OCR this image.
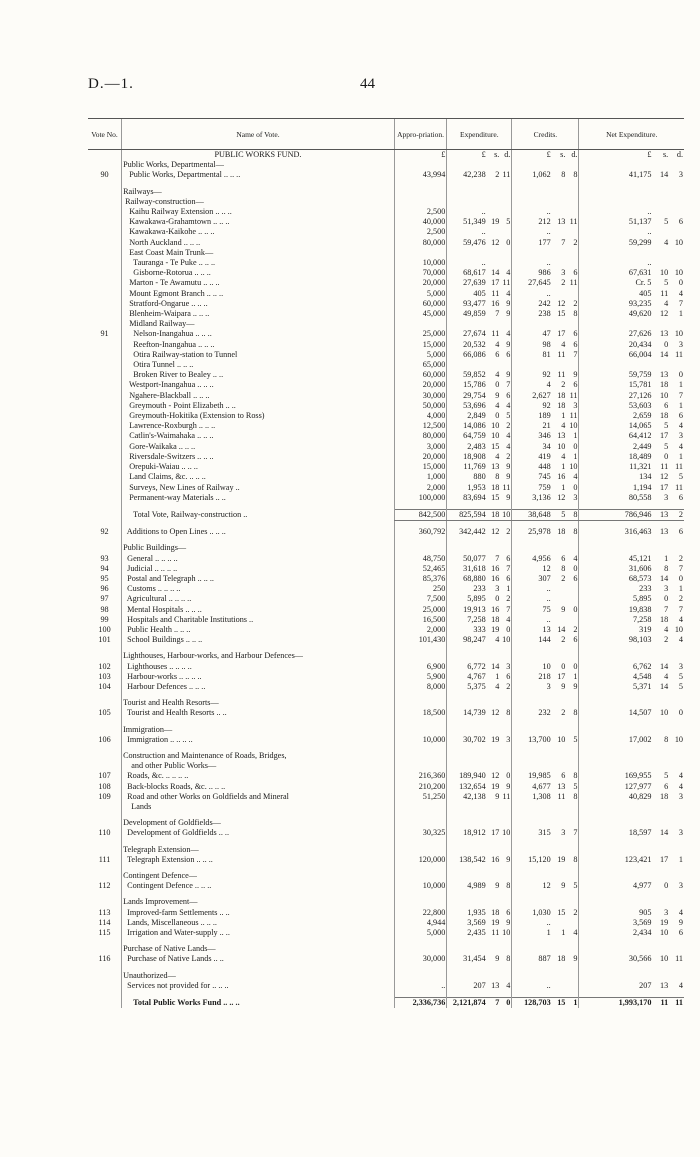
D.—1.	44
Vote No.	Name of Vote.	Appro-priation.	Expenditure.			Credits.			Net Expenditure.		
	PUBLIC WORKS FUND.	£	£	s.	d.	£	s.	d.	£	s.	d.
	Public Works, Departmental—										
90	Public Works, Departmental .. .. ..	43,994	42,238	2	11	1,062	8	8	41,175	14	3

	Railways—										
	Railway-construction—										
	Kaihu Railway Extension .. .. ..	2,500	..			..			..		
	Kawakawa-Grahamtown .. .. ..	40,000	51,349	19	5	212	13	11	51,137	5	6
	Kawakawa-Kaikohe .. .. ..	2,500	..			..			..		
	North Auckland .. .. ..	80,000	59,476	12	0	177	7	2	59,299	4	10
	East Coast Main Trunk—										
	Tauranga - Te Puke .. .. ..	10,000	..			..			..		
	Gisborne-Rotorua .. .. ..	70,000	68,617	14	4	986	3	6	67,631	10	10
	Marton - Te Awamutu .. .. ..	20,000	27,639	17	11	27,645	2	11	Cr. 5	5	0
	Mount Egmont Branch .. .. ..	5,000	405	11	4	..			405	11	4
	Stratford-Ongarue .. .. ..	60,000	93,477	16	9	242	12	2	93,235	4	7
	Blenheim-Waipara .. .. ..	45,000	49,859	7	9	238	15	8	49,620	12	1
	Midland Railway—										
91	Nelson-Inangahua .. .. ..	25,000	27,674	11	4	47	17	6	27,626	13	10
	Reefton-Inangahua .. .. ..	15,000	20,532	4	9	98	4	6	20,434	0	3
	Otira Railway-station to Tunnel	5,000	66,086	6	6	81	11	7	66,004	14	11
	Otira Tunnel .. .. ..	65,000									
	Broken River to Bealey .. ..	60,000	59,852	4	9	92	11	9	59,759	13	0
	Westport-Inangahua .. .. ..	20,000	15,786	0	7	4	2	6	15,781	18	1
	Ngahere-Blackball .. .. ..	30,000	29,754	9	6	2,627	18	11	27,126	10	7
	Greymouth - Point Elizabeth .. ..	50,000	53,696	4	4	92	18	3	53,603	6	1
	Greymouth-Hokitika (Extension to Ross)	4,000	2,849	0	5	189	1	11	2,659	18	6
	Lawrence-Roxburgh .. .. ..	12,500	14,086	10	2	21	4	10	14,065	5	4
	Catlin's-Waimahaka .. .. ..	80,000	64,759	10	4	346	13	1	64,412	17	3
	Gore-Waikaka .. .. ..	3,000	2,483	15	4	34	10	0	2,449	5	4
	Riversdale-Switzers .. .. ..	20,000	18,908	4	2	419	4	1	18,489	0	1
	Orepuki-Waiau .. .. ..	15,000	11,769	13	9	448	1	10	11,321	11	11
	Land Claims, &c. .. .. ..	1,000	880	8	9	745	16	4	134	12	5
	Surveys, New Lines of Railway ..	2,000	1,953	18	11	759	1	0	1,194	17	11
	Permanent-way Materials .. ..	100,000	83,694	15	9	3,136	12	3	80,558	3	6

	Total Vote, Railway-construction ..	842,500	825,594	18	10	38,648	5	8	786,946	13	2

92	Additions to Open Lines .. .. ..	360,792	342,442	12	2	25,978	18	8	316,463	13	6

	Public Buildings—										
93	General .. .. .. ..	48,750	50,077	7	6	4,956	6	4	45,121	1	2
94	Judicial .. .. .. ..	52,465	31,618	16	7	12	8	0	31,606	8	7
95	Postal and Telegraph .. .. ..	85,376	68,880	16	6	307	2	6	68,573	14	0
96	Customs .. .. .. ..	250	233	3	1	..			233	3	1
97	Agricultural .. .. .. ..	7,500	5,895	0	2	..			5,895	0	2
98	Mental Hospitals .. .. ..	25,000	19,913	16	7	75	9	0	19,838	7	7
99	Hospitals and Charitable Institutions ..	16,500	7,258	18	4	..			7,258	18	4
100	Public Health .. .. ..	2,000	333	19	0	13	14	2	319	4	10
101	School Buildings .. .. ..	101,430	98,247	4	10	144	2	6	98,103	2	4

	Lighthouses, Harbour-works, and Harbour Defences—										
102	Lighthouses .. .. .. ..	6,900	6,772	14	3	10	0	0	6,762	14	3
103	Harbour-works .. .. .. ..	5,900	4,767	1	6	218	17	1	4,548	4	5
104	Harbour Defences .. .. ..	8,000	5,375	4	2	3	9	9	5,371	14	5

	Tourist and Health Resorts—										
105	Tourist and Health Resorts .. ..	18,500	14,739	12	8	232	2	8	14,507	10	0

	Immigration—										
106	Immigration .. .. .. ..	10,000	30,702	19	3	13,700	10	5	17,002	8	10

	Construction and Maintenance of Roads, Bridges,										
	and other Public Works—										
107	Roads, &c. .. .. .. ..	216,360	189,940	12	0	19,985	6	8	169,955	5	4
108	Back-blocks Roads, &c. .. .. ..	210,200	132,654	19	9	4,677	13	5	127,977	6	4
109	Road and other Works on Goldfields and Mineral	51,250	42,138	9	11	1,308	11	8	40,829	18	3
	Lands										

	Development of Goldfields—										
110	Development of Goldfields .. ..	30,325	18,912	17	10	315	3	7	18,597	14	3

	Telegraph Extension—										
111	Telegraph Extension .. .. ..	120,000	138,542	16	9	15,120	19	8	123,421	17	1

	Contingent Defence—										
112	Contingent Defence .. .. ..	10,000	4,989	9	8	12	9	5	4,977	0	3

	Lands Improvement—										
113	Improved-farm Settlements .. ..	22,800	1,935	18	6	1,030	15	2	905	3	4
114	Lands, Miscellaneous .. .. ..	4,944	3,569	19	9	..			3,569	19	9
115	Irrigation and Water-supply .. ..	5,000	2,435	11	10	1	1	4	2,434	10	6

	Purchase of Native Lands—										
116	Purchase of Native Lands .. ..	30,000	31,454	9	8	887	18	9	30,566	10	11

	Unauthorized—										
	Services not provided for .. .. ..	..	207	13	4	..			207	13	4

	Total Public Works Fund .. .. ..	2,336,736	2,121,874	7	0	128,703	15	1	1,993,170	11	11
